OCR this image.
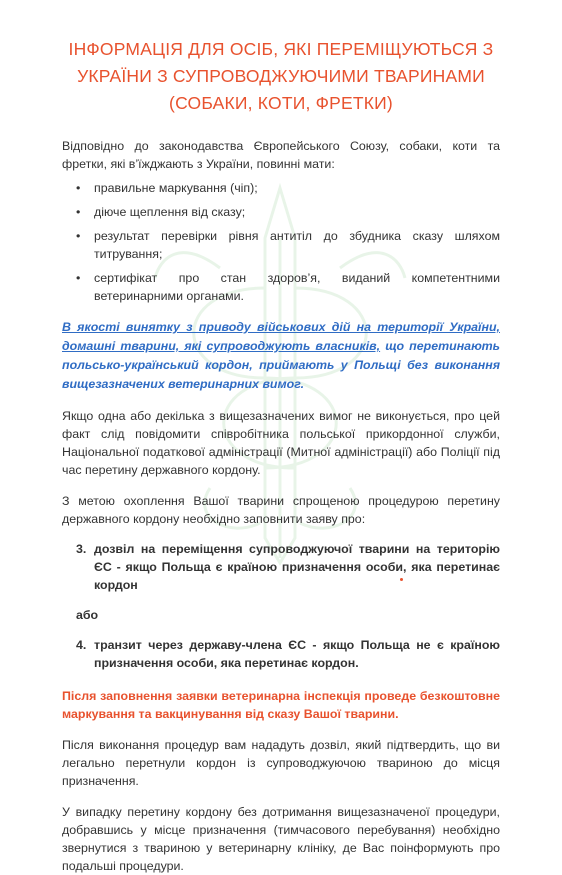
ІНФОРМАЦІЯ ДЛЯ ОСІБ, ЯКІ ПЕРЕМІЩУЮТЬСЯ З УКРАЇНИ З СУПРОВОДЖУЮЧИМИ ТВАРИНАМИ (СОБАКИ, КОТИ, ФРЕТКИ)

Відповідно до законодавства Європейського Союзу, собаки, коти та фретки, які в’їжджають з України, повинні мати:

• правильне маркування (чіп);
• діюче щеплення від сказу;
• результат перевірки рівня антитіл до збудника сказу шляхом титрування;
• сертифікат про стан здоров’я, виданий компетентними ветеринарними органами.

В якості винятку з приводу військових дій на території України, домашні тварини, які супроводжують власників, що перетинають польсько-український кордон, приймають у Польщі без виконання вищезазначених ветеринарних вимог.

Якщо одна або декілька з вищезазначених вимог не виконується, про цей факт слід повідомити співробітника польської прикордонної служби, Національної податкової адміністрації (Митної адміністрації) або Поліції під час перетину державного кордону.

З метою охоплення Вашої тварини спрощеною процедурою перетину державного кордону необхідно заповнити заяву про:

3. дозвіл на переміщення супроводжуючої тварини на територію ЄС - якщо Польща є країною призначення особи, яка перетинає кордон
або
4. транзит через державу-члена ЄС - якщо Польща не є країною призначення особи, яка перетинає кордон.

Після заповнення заявки ветеринарна інспекція проведе безкоштовне маркування та вакцинування від сказу Вашої тварини.

Після виконання процедур вам нададуть дозвіл, який підтвердить, що ви легально перетнули кордон із супроводжуючою твариною до місця призначення.

У випадку перетину кордону без дотримання вищезазначеної процедури, добравшись у місце призначення (тимчасового перебування) необхідно звернутися з твариною у ветеринарну клініку, де Вас поінформують про подальші процедури.
